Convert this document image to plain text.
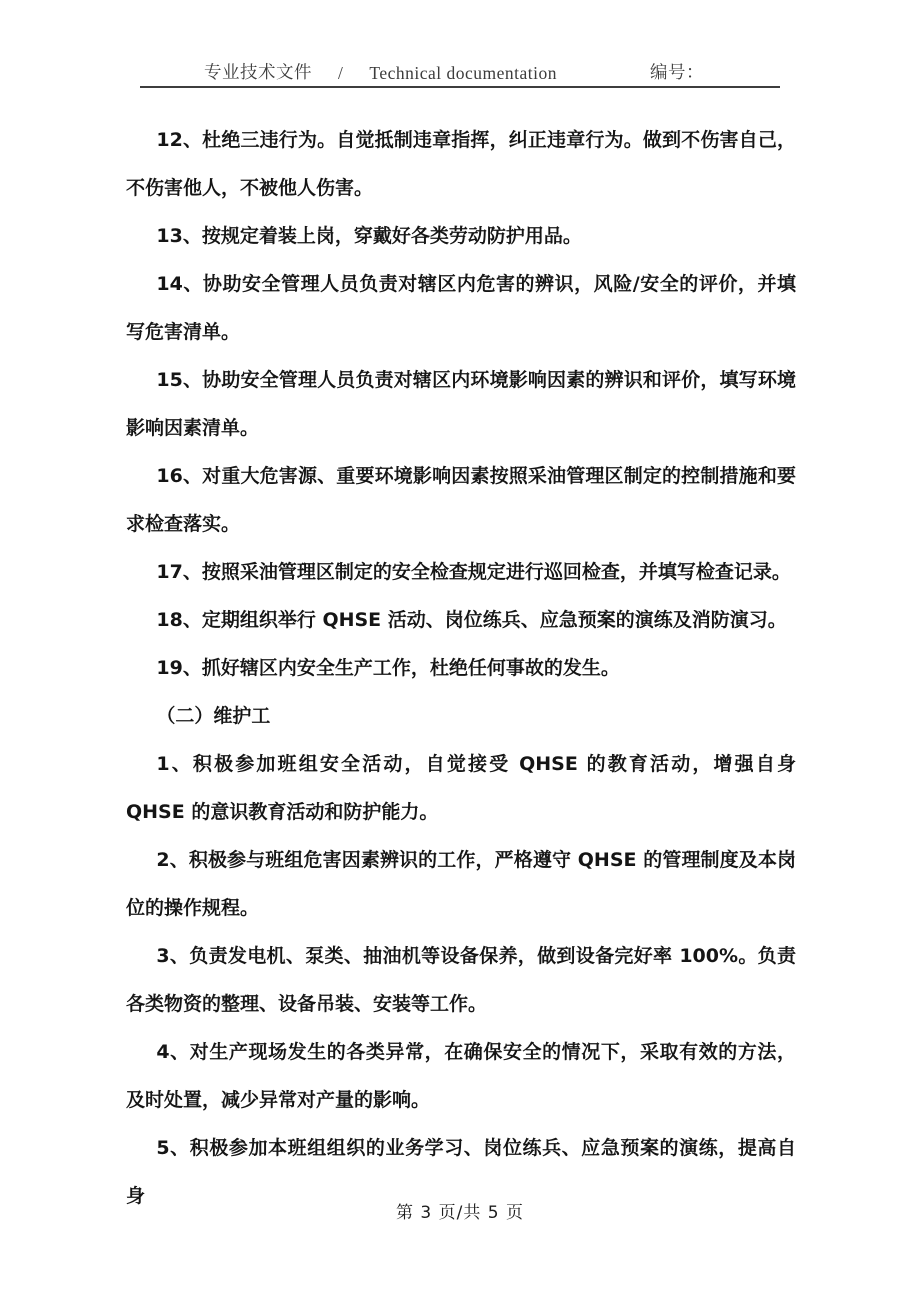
专业技术文件 / Technical documentation	编号：

12、杜绝三违行为。自觉抵制违章指挥，纠正违章行为。做到不伤害自己，不伤害他人，不被他人伤害。

13、按规定着装上岗，穿戴好各类劳动防护用品。

14、协助安全管理人员负责对辖区内危害的辨识，风险/安全的评价，并填写危害清单。

15、协助安全管理人员负责对辖区内环境影响因素的辨识和评价，填写环境影响因素清单。

16、对重大危害源、重要环境影响因素按照采油管理区制定的控制措施和要求检查落实。

17、按照采油管理区制定的安全检查规定进行巡回检查，并填写检查记录。

18、定期组织举行 QHSE 活动、岗位练兵、应急预案的演练及消防演习。

19、抓好辖区内安全生产工作，杜绝任何事故的发生。

（二）维护工

1、积极参加班组安全活动，自觉接受 QHSE 的教育活动，增强自身 QHSE 的意识教育活动和防护能力。

2、积极参与班组危害因素辨识的工作，严格遵守 QHSE 的管理制度及本岗位的操作规程。

3、负责发电机、泵类、抽油机等设备保养，做到设备完好率 100%。负责各类物资的整理、设备吊装、安装等工作。

4、对生产现场发生的各类异常，在确保安全的情况下，采取有效的方法，及时处置，减少异常对产量的影响。

5、积极参加本班组组织的业务学习、岗位练兵、应急预案的演练，提高自身

第 3 页/共 5 页
